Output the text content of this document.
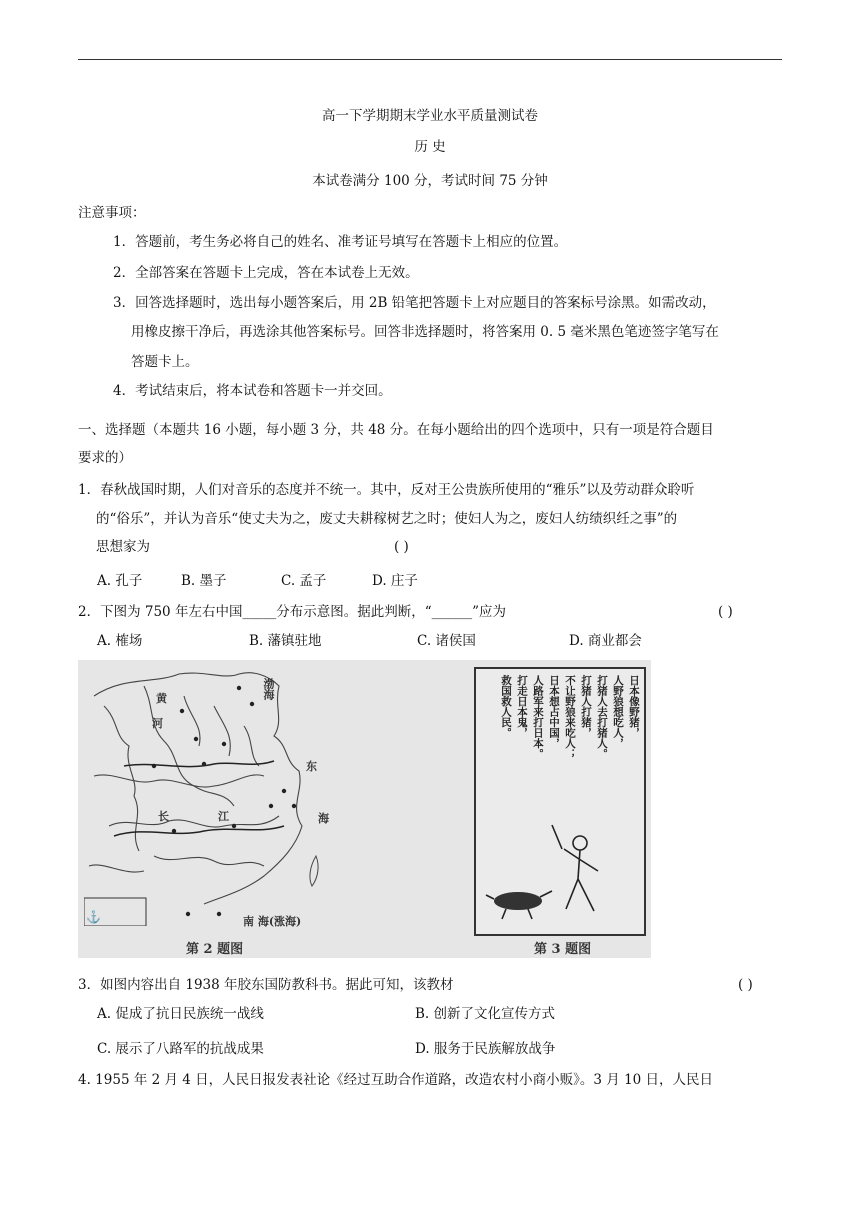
高一下学期期末学业水平质量测试卷
历 史
本试卷满分 100 分，考试时间 75 分钟
注意事项：
1．答题前，考生务必将自己的姓名、准考证号填写在答题卡上相应的位置。
2．全部答案在答题卡上完成，答在本试卷上无效。
3．回答选择题时，选出每小题答案后，用 2B 铅笔把答题卡上对应题目的答案标号涂黑。如需改动，
用橡皮擦干净后，再选涂其他答案标号。回答非选择题时，将答案用 0. 5 毫米黑色笔迹签字笔写在
答题卡上。
4．考试结束后，将本试卷和答题卡一并交回。
一、选择题（本题共 16 小题，每小题 3 分，共 48 分。在每小题给出的四个选项中，只有一项是符合题目
要求的）
1．春秋战国时期，人们对音乐的态度并不统一。其中，反对王公贵族所使用的“雅乐”以及劳动群众聆听
的“俗乐”，并认为音乐“使丈夫为之，废丈夫耕稼树艺之时；使妇人为之，废妇人纺绩织纴之事”的
思想家为	( )
A. 孔子	B. 墨子	C. 孟子	D. 庄子
2．下图为 750 年左右中国_____分布示意图。据此判断，“______”应为	( )
A. 榷场	B. 藩镇驻地	C. 诸侯国	D. 商业都会
黄
河
渤海
东
海
长	江
南 海(涨海)
⚓
第 2 题图	第 3 题图
日本像野猪，
人野狼想吃人，
打猪人去打猪人。
打猪人打猪，
不让野狼来吃人；
日本想占中国，
人路军来打日本。
打走日本鬼，
救国救人民。
3．如图内容出自 1938 年胶东国防教科书。据此可知，该教材	( )
A. 促成了抗日民族统一战线	B. 创新了文化宣传方式
C. 展示了八路军的抗战成果	D. 服务于民族解放战争
4. 1955 年 2 月 4 日，人民日报发表社论《经过互助合作道路，改造农村小商小贩》。3 月 10 日，人民日
